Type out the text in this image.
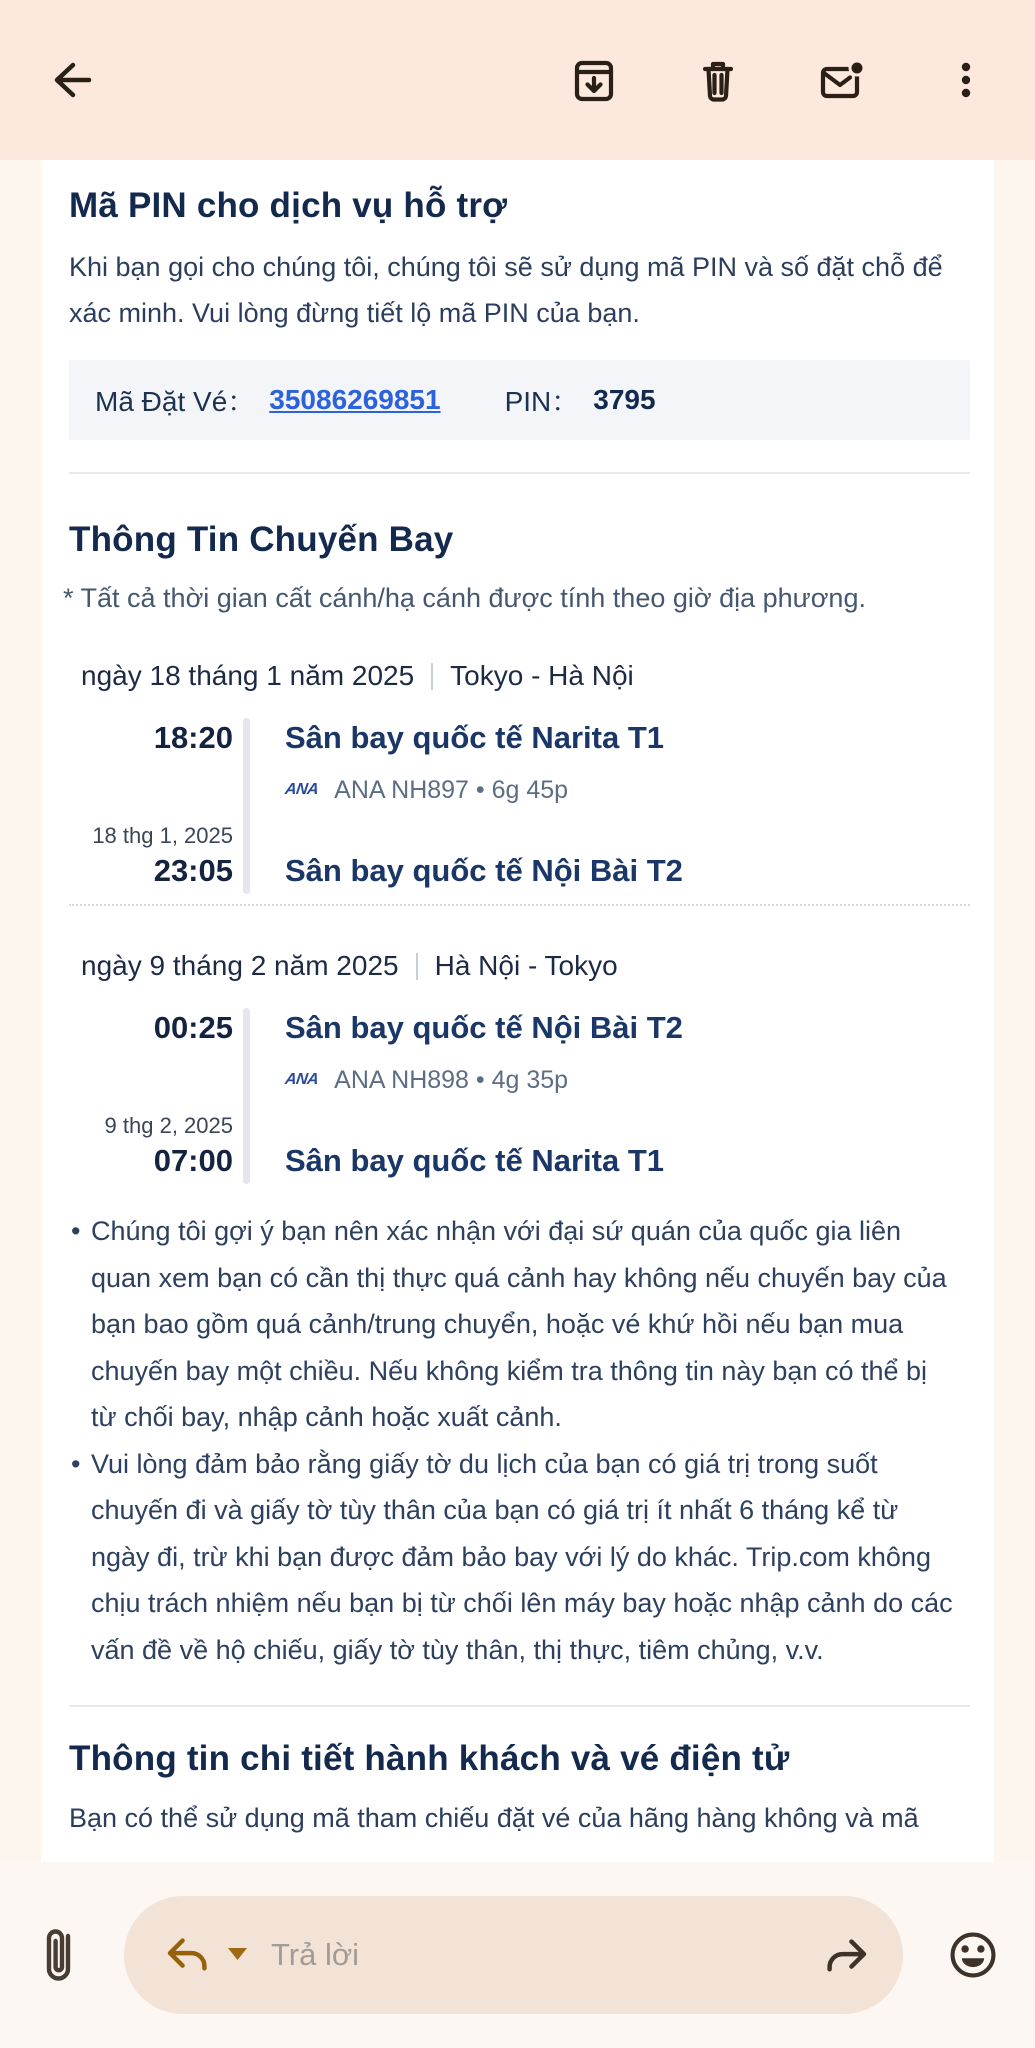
Mã PIN cho dịch vụ hỗ trợ

Khi bạn gọi cho chúng tôi, chúng tôi sẽ sử dụng mã PIN và số đặt chỗ để xác minh. Vui lòng đừng tiết lộ mã PIN của bạn.

Mã Đặt Vé： 35086269851 PIN： 3795
Thông Tin Chuyến Bay

* Tất cả thời gian cất cánh/hạ cánh được tính theo giờ địa phương.

ngày 18 tháng 1 năm 2025 Tokyo - Hà Nội
18:20	Sân bay quốc tế Narita T1
ANA ANA NH897 • 6g 45p
18 thg 1, 2025
23:05	Sân bay quốc tế Nội Bài T2
ngày 9 tháng 2 năm 2025 Hà Nội - Tokyo
00:25	Sân bay quốc tế Nội Bài T2
ANA ANA NH898 • 4g 35p
9 thg 2, 2025
07:00	Sân bay quốc tế Narita T1
• Chúng tôi gợi ý bạn nên xác nhận với đại sứ quán của quốc gia liên quan xem bạn có cần thị thực quá cảnh hay không nếu chuyến bay của bạn bao gồm quá cảnh/trung chuyển, hoặc vé khứ hồi nếu bạn mua chuyến bay một chiều. Nếu không kiểm tra thông tin này bạn có thể bị từ chối bay, nhập cảnh hoặc xuất cảnh.
• Vui lòng đảm bảo rằng giấy tờ du lịch của bạn có giá trị trong suốt chuyến đi và giấy tờ tùy thân của bạn có giá trị ít nhất 6 tháng kể từ ngày đi, trừ khi bạn được đảm bảo bay với lý do khác. Trip.com không chịu trách nhiệm nếu bạn bị từ chối lên máy bay hoặc nhập cảnh do các vấn đề về hộ chiếu, giấy tờ tùy thân, thị thực, tiêm chủng, v.v.
Thông tin chi tiết hành khách và vé điện tử

Bạn có thể sử dụng mã tham chiếu đặt vé của hãng hàng không và mã

Trả lời
